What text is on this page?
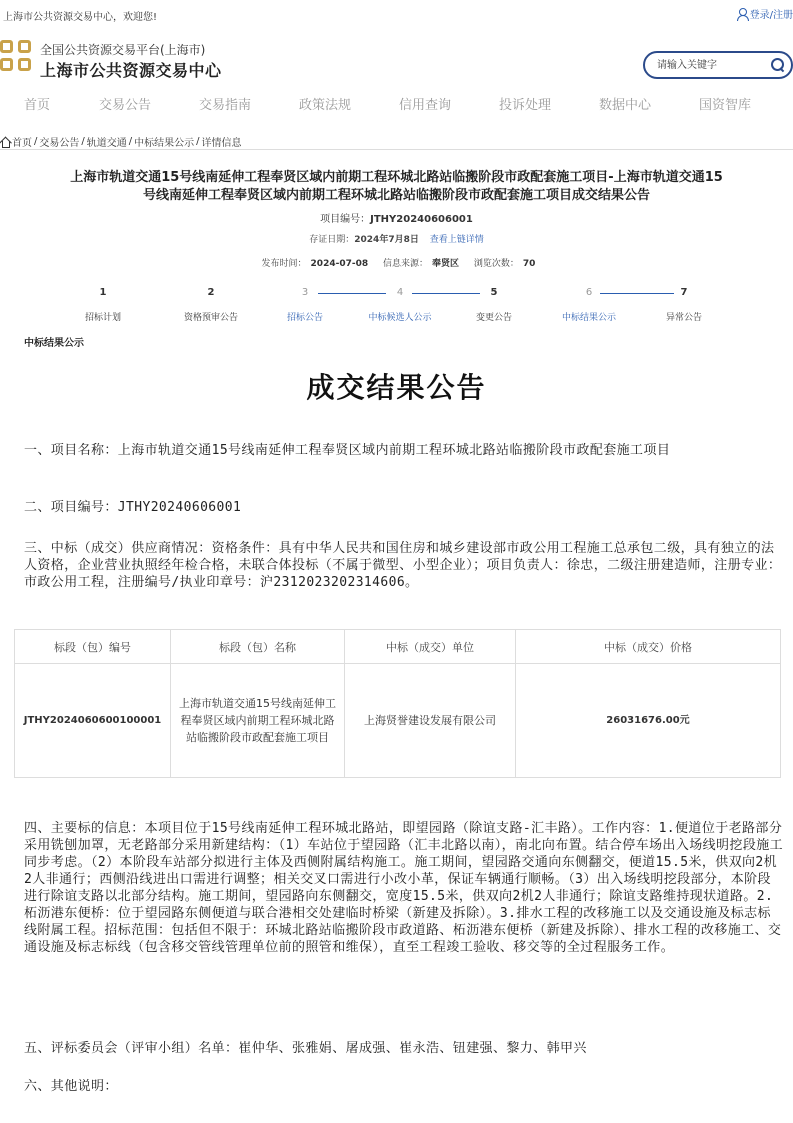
上海市公共资源交易中心，欢迎您!	登录/注册
全国公共资源交易平台(上海市)
上海市公共资源交易中心
请输入关键字
首页	交易公告	交易指南	政策法规	信用查询	投诉处理	数据中心	国资智库
首页 / 交易公告 / 轨道交通 / 中标结果公示 / 详情信息
上海市轨道交通15号线南延伸工程奉贤区域内前期工程环城北路站临搬阶段市政配套施工项目-上海市轨道交通15
号线南延伸工程奉贤区域内前期工程环城北路站临搬阶段市政配套施工项目成交结果公告
项目编号：JTHY20240606001
存证日期：2024年7月8日 查看上链详情
发布时间： 2024-07-08 信息来源： 奉贤区 浏览次数： 70
1
招标计划
2
资格预审公告
3
招标公告
4
中标候选人公示
5
变更公告
6
中标结果公示
7
异常公告
中标结果公示
成交结果公告
一、项目名称：上海市轨道交通15号线南延伸工程奉贤区域内前期工程环城北路站临搬阶段市政配套施工项目
二、项目编号：JTHY20240606001
三、中标（成交）供应商情况：资格条件：具有中华人民共和国住房和城乡建设部市政公用工程施工总承包二级，具有独立的法人资格，企业营业执照经年检合格，未联合体投标（不属于微型、小型企业）；项目负责人：徐忠，二级注册建造师，注册专业：市政公用工程，注册编号/执业印章号：沪2312023202314606。
标段（包）编号	标段（包）名称	中标（成交）单位	中标（成交）价格
JTHY2024060600100001	上海市轨道交通15号线南延伸工程奉贤区域内前期工程环城北路站临搬阶段市政配套施工项目	上海贤誉建设发展有限公司	26031676.00元
四、主要标的信息：本项目位于15号线南延伸工程环城北路站，即望园路（除谊支路-汇丰路）。工作内容：1.便道位于老路部分采用铣刨加罩，无老路部分采用新建结构：（1）车站位于望园路（汇丰北路以南），南北向布置。结合停车场出入场线明挖段施工同步考虑。（2）本阶段车站部分拟进行主体及西侧附属结构施工。施工期间，望园路交通向东侧翻交，便道15.5米，供双向2机2人非通行；西侧沿线进出口需进行调整；相关交叉口需进行小改小革，保证车辆通行顺畅。（3）出入场线明挖段部分，本阶段进行除谊支路以北部分结构。施工期间，望园路向东侧翻交，宽度15.5米，供双向2机2人非通行；除谊支路维持现状道路。2.柘沥港东便桥：位于望园路东侧便道与联合港相交处建临时桥梁（新建及拆除）。3.排水工程的改移施工以及交通设施及标志标线附属工程。招标范围：包括但不限于：环城北路站临搬阶段市政道路、柘沥港东便桥（新建及拆除）、排水工程的改移施工、交通设施及标志标线（包含移交管线管理单位前的照管和维保），直至工程竣工验收、移交等的全过程服务工作。
五、评标委员会（评审小组）名单：崔仲华、张雅娟、屠成强、崔永浩、钮建强、黎力、韩甲兴
六、其他说明：
